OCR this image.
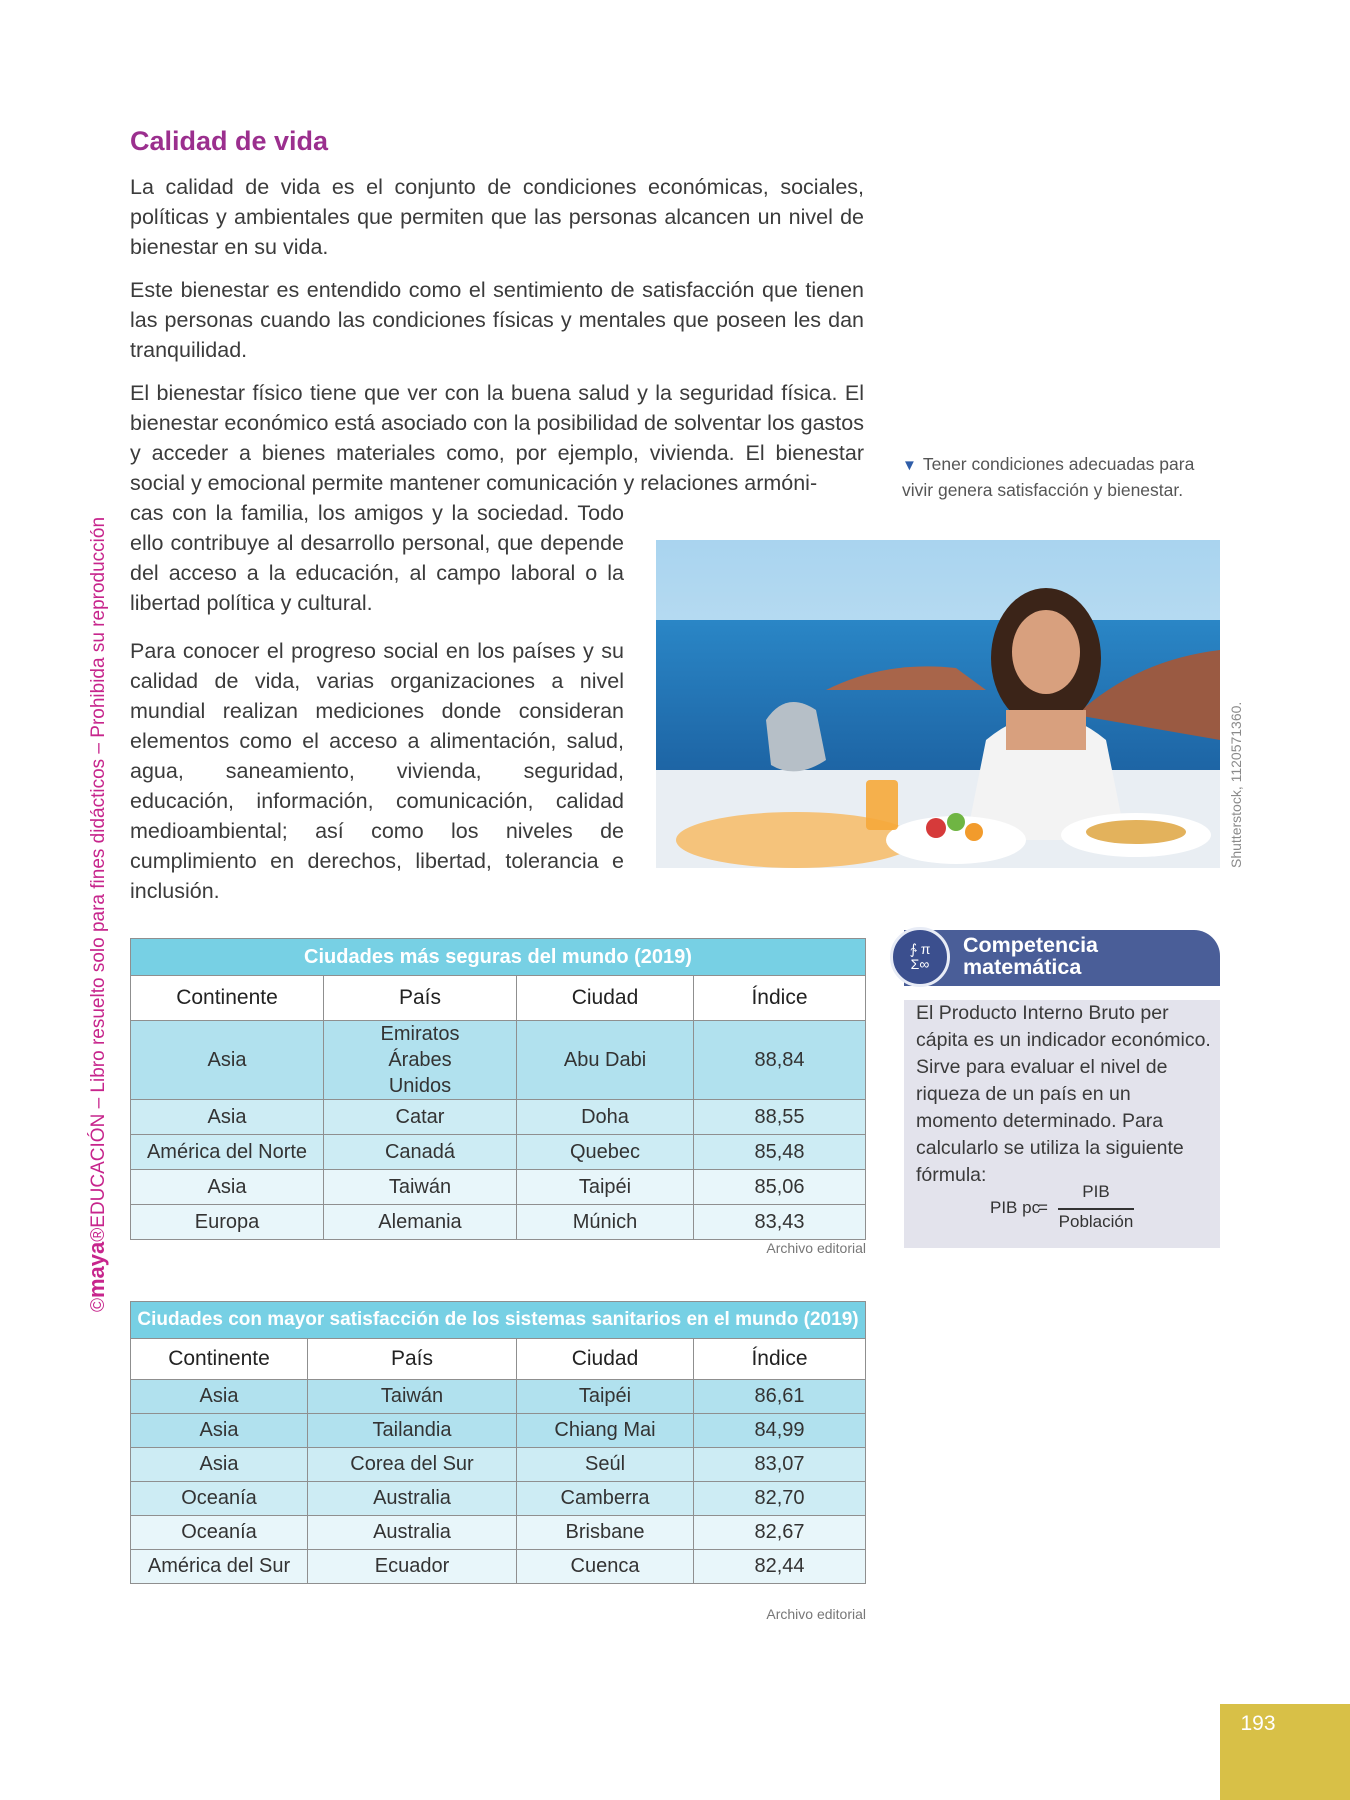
©maya®EDUCACIÓN – Libro resuelto solo para fines didácticos – Prohibida su reproducción
Calidad de vida

La calidad de vida es el conjunto de condiciones económicas, sociales, políticas y ambientales que permiten que las personas alcancen un nivel de bienestar en su vida.

Este bienestar es entendido como el sentimiento de satisfacción que tienen las personas cuando las condiciones físicas y mentales que poseen les dan tranquilidad.

El bienestar físico tiene que ver con la buena salud y la seguridad física. El bienestar económico está asociado con la posibilidad de solventar los gastos y acceder a bienes materiales como, por ejemplo, vivienda. El bienestar social y emocional permite mantener comunicación y relaciones armóni-

cas con la familia, los amigos y la sociedad. Todo ello contribuye al desarrollo personal, que depende del acceso a la educación, al campo laboral o la libertad política y cultural.

Para conocer el progreso social en los países y su calidad de vida, varias organizaciones a nivel mundial realizan mediciones donde consideran elementos como el acceso a alimentación, salud, agua, saneamiento, vivienda, seguridad, educación, información, comunicación, calidad medioambiental; así como los niveles de cumplimiento en derechos, libertad, tolerancia e inclusión.

▼ Tener condiciones adecuadas para vivir genera satisfacción y bienestar.
Shutterstock, 1120571360.
Ciudades más seguras del mundo (2019)			
Continente	País	Ciudad	Índice
Asia	Emiratos Árabes Unidos	Abu Dabi	88,84
Asia	Catar	Doha	88,55
América del Norte	Canadá	Quebec	85,48
Asia	Taiwán	Taipéi	85,06
Europa	Alemania	Múnich	83,43
Archivo editorial
Ciudades con mayor satisfacción de los sistemas sanitarios en el mundo (2019)			
Continente	País	Ciudad	Índice
Asia	Taiwán	Taipéi	86,61
Asia	Tailandia	Chiang Mai	84,99
Asia	Corea del Sur	Seúl	83,07
Oceanía	Australia	Camberra	82,70
Oceanía	Australia	Brisbane	82,67
América del Sur	Ecuador	Cuenca	82,44
Archivo editorial
∱ π
Σ∞
Competencia
matemática
El Producto Interno Bruto per cápita es un indicador económico. Sirve para evaluar el nivel de riqueza de un país en un momento determinado. Para calcularlo se utiliza la siguiente fórmula:
PIB pc
=
PIB
Población
193
